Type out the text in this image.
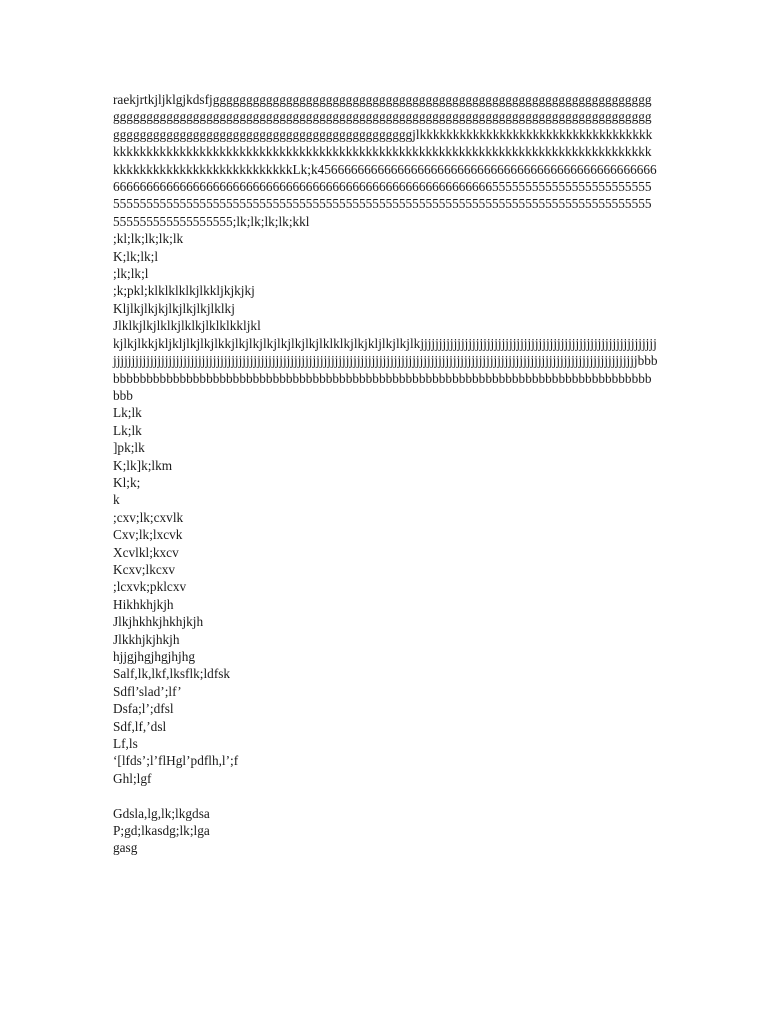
raekjrtkjljklgjkdsfjggggggggggggggggggggggggggggggggggggggggggggggggggggggggggggggggggggggggggggggggggggggggggggggggggggggggggggggggggggggggggggggggggggggggggggggggggggggggggggggggggggggggggggggggggggggggggggggggjlkkkkkkkkkkkkkkkkkkkkkkkkkkkkkkkkkkkkkkkkkkkkkkkkkkkkkkkkkkkkkkkkkkkkkkkkkkkkkkkkkkkkkkkkkkkkkkkkkkkkkkkkkkkkkkkkkkkkkkkkkkkkkkkkkkkkkkkkkkkkkkkLk;k456666666666666666666666666666666666666666666666666666666666666666666666666666666666666666666666666666666666555555555555555555555555555555555555555555555555555555555555555555555555555555555555555555555555555555555555555555555555555;lk;lk;lk;lk;kkl

;kl;lk;lk;lk;lk

K;lk;lk;l

;lk;lk;l

;k;pkl;klklklklkjlkkljkjkjkj

Kljlkjlkjkjlkjlkjlkjlklkj

Jlklkjlkjlklkjlklkjlklklkkljkl

kjlkjlkkjkljkljlkjlkjlkkjlkjlkjlkjlkjlkjlkjlklklkjlkjkljlkjlkjlkjjjjjjjjjjjjjjjjjjjjjjjjjjjjjjjjjjjjjjjjjjjjjjjjjjjjjjjjjjjjjjjjjjjjjjjjjjjjjjjjjjjjjjjjjjjjjjjjjjjjjjjjjjjjjjjjjjjjjjjjjjjjjjjjjjjjjjjjjjjjjjjjjjjjjjjjjjjjjjjjjjjjjjjjjjjjjjjjjjjjjjjjjjjjjjjjjjjjjjjjjjjjjjbbbbbbbbbbbbbbbbbbbbbbbbbbbbbbbbbbbbbbbbbbbbbbbbbbbbbbbbbbbbbbbbbbbbbbbbbbbbbbbbbbbbbbb

Lk;lk

Lk;lk

]pk;lk

K;lk]k;lkm

Kl;k;

k

;cxv;lk;cxvlk

Cxv;lk;lxcvk

Xcvlkl;kxcv

Kcxv;lkcxv

;lcxvk;pklcxv

Hikhkhjkjh

Jlkjhkhkjhkhjkjh

Jlkkhjkjhkjh

hjjgjhgjhgjhjhg

Salf,lk,lkf,lksflk;ldfsk

Sdfl’slad’;lf’

Dsfa;l’;dfsl

Sdf,lf,’dsl

Lf,ls

‘[lfds’;l’flHgl’pdflh,l’;f

Ghl;lgf

Gdsla,lg,lk;lkgdsa

P;gd;lkasdg;lk;lga

gasg
